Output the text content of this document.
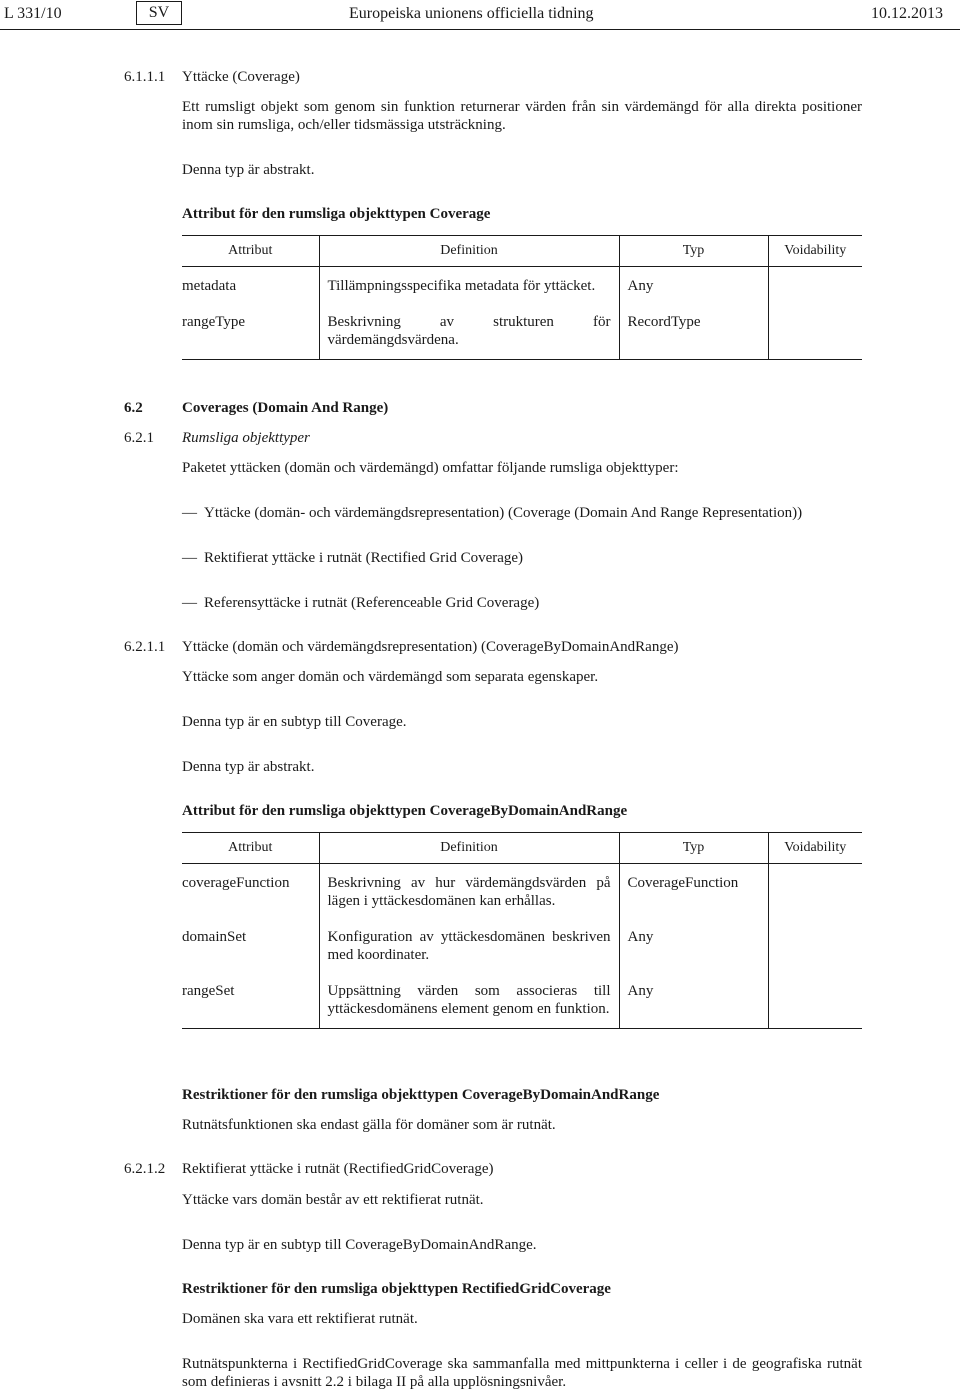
L 331/10	SV	Europeiska unionens officiella tidning	10.12.2013
6.1.1.1 Yttäcke (Coverage)
Ett rumsligt objekt som genom sin funktion returnerar värden från sin värdemängd för alla direkta positioner inom sin rumsliga, och/eller tidsmässiga utsträckning.
Denna typ är abstrakt.
Attribut för den rumsliga objekttypen Coverage
Attribut	Definition	Typ	Voidability
metadata	Tillämpningsspecifika metadata för yttäcket.	Any	
rangeType	Beskrivning av strukturen för värdemängdsvärdena.	RecordType	
6.2	Coverages (Domain And Range)
6.2.1 Rumsliga objekttyper
Paketet yttäcken (domän och värdemängd) omfattar följande rumsliga objekttyper:
— Yttäcke (domän- och värdemängdsrepresentation) (Coverage (Domain And Range Representation))
— Rektifierat yttäcke i rutnät (Rectified Grid Coverage)
— Referensyttäcke i rutnät (Referenceable Grid Coverage)
6.2.1.1 Yttäcke (domän och värdemängdsrepresentation) (CoverageByDomainAndRange)
Yttäcke som anger domän och värdemängd som separata egenskaper.
Denna typ är en subtyp till Coverage.
Denna typ är abstrakt.
Attribut för den rumsliga objekttypen CoverageByDomainAndRange
Attribut	Definition	Typ	Voidability
coverageFunction	Beskrivning av hur värdemängdsvärden på lägen i yttäckesdomänen kan erhållas.	CoverageFunction	
domainSet	Konfiguration av yttäckesdomänen beskriven med koordinater.	Any	
rangeSet	Uppsättning värden som associeras till yttäckesdomänens element genom en funktion.	Any	
Restriktioner för den rumsliga objekttypen CoverageByDomainAndRange
Rutnätsfunktionen ska endast gälla för domäner som är rutnät.
6.2.1.2 Rektifierat yttäcke i rutnät (RectifiedGridCoverage)
Yttäcke vars domän består av ett rektifierat rutnät.
Denna typ är en subtyp till CoverageByDomainAndRange.
Restriktioner för den rumsliga objekttypen RectifiedGridCoverage
Domänen ska vara ett rektifierat rutnät.
Rutnätspunkterna i RectifiedGridCoverage ska sammanfalla med mittpunkterna i celler i de geografiska rutnät som definieras i avsnitt 2.2 i bilaga II på alla upplösningsnivåer.
